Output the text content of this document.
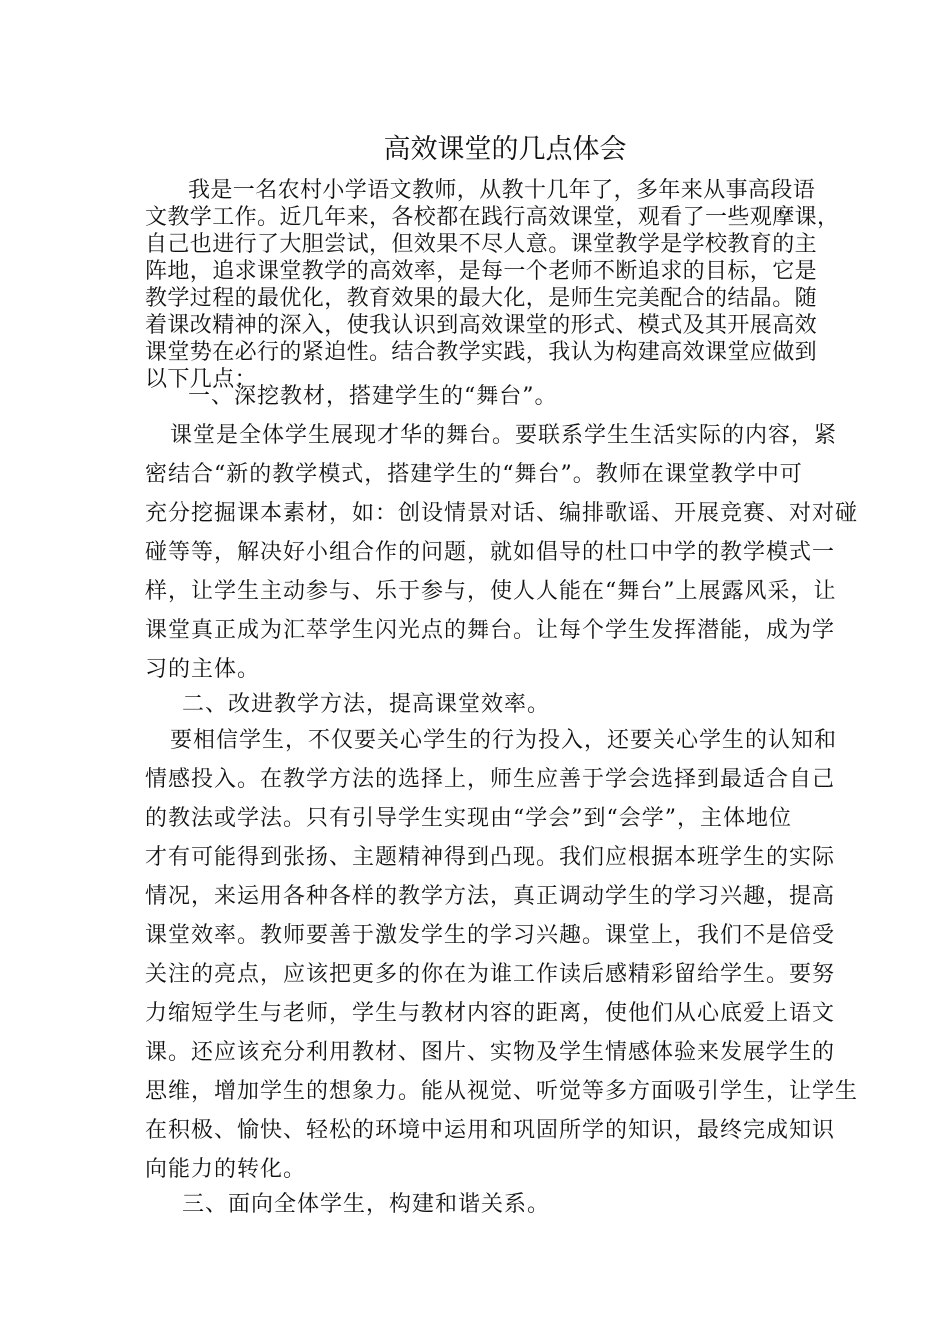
高效课堂的几点体会
我是一名农村小学语文教师，从教十几年了，多年来从事高段语
文教学工作。近几年来，各校都在践行高效课堂，观看了一些观摩课，
自己也进行了大胆尝试，但效果不尽人意。课堂教学是学校教育的主
阵地，追求课堂教学的高效率，是每一个老师不断追求的目标，它是
教学过程的最优化，教育效果的最大化，是师生完美配合的结晶。随
着课改精神的深入，使我认识到高效课堂的形式、模式及其开展高效
课堂势在必行的紧迫性。结合教学实践，我认为构建高效课堂应做到
以下几点：
一、深挖教材，搭建学生的“舞台”。
课堂是全体学生展现才华的舞台。要联系学生生活实际的内容，紧
密结合“新的教学模式，搭建学生的“舞台”。教师在课堂教学中可
充分挖掘课本素材，如：创设情景对话、编排歌谣、开展竞赛、对对碰
碰等等，解决好小组合作的问题，就如倡导的杜口中学的教学模式一
样，让学生主动参与、乐于参与，使人人能在“舞台”上展露风采，让
课堂真正成为汇萃学生闪光点的舞台。让每个学生发挥潜能，成为学
习的主体。
二、改进教学方法，提高课堂效率。
要相信学生，不仅要关心学生的行为投入，还要关心学生的认知和
情感投入。在教学方法的选择上，师生应善于学会选择到最适合自己
的教法或学法。只有引导学生实现由“学会”到“会学”，主体地位
才有可能得到张扬、主题精神得到凸现。我们应根据本班学生的实际
情况，来运用各种各样的教学方法，真正调动学生的学习兴趣，提高
课堂效率。教师要善于激发学生的学习兴趣。课堂上，我们不是倍受
关注的亮点，应该把更多的你在为谁工作读后感精彩留给学生。要努
力缩短学生与老师，学生与教材内容的距离，使他们从心底爱上语文
课。还应该充分利用教材、图片、实物及学生情感体验来发展学生的
思维，增加学生的想象力。能从视觉、听觉等多方面吸引学生，让学生
在积极、愉快、轻松的环境中运用和巩固所学的知识，最终完成知识
向能力的转化。
三、面向全体学生，构建和谐关系。
